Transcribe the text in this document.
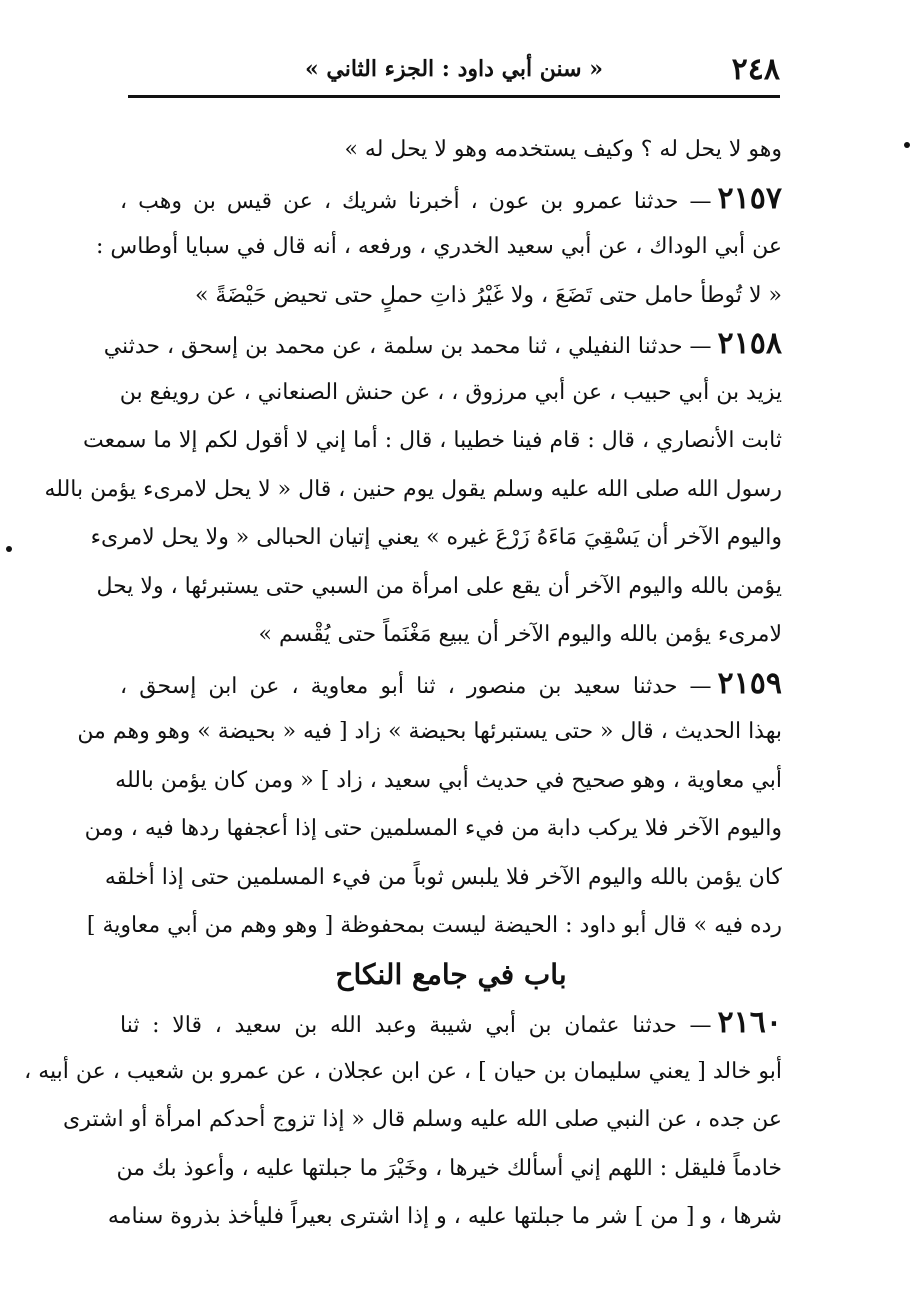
٢٤٨
« سنن أبي داود : الجزء الثاني »
وهو لا يحل له ؟ وكيف يستخدمه وهو لا يحل له »
٢١٥٧— حدثنا عمرو بن عون ، أخبرنا شريك ، عن قيس بن وهب ،
عن أبي الوداك ، عن أبي سعيد الخدري ، ورفعه ، أنه قال في سبايا أوطاس :
« لا تُوطأ حامل حتى تَضَعَ ، ولا غَيْرُ ذاتِ حملٍ حتى تحيض حَيْضَةً »
٢١٥٨— حدثنا النفيلي ، ثنا محمد بن سلمة ، عن محمد بن إسحق ، حدثني
يزيد بن أبي حبيب ، عن أبي مرزوق ، ، عن حنش الصنعاني ، عن رويفع بن
ثابت الأنصاري ، قال : قام فينا خطيبا ، قال : أما إني لا أقول لكم إلا ما سمعت
رسول الله صلى الله عليه وسلم يقول يوم حنين ، قال « لا يحل لامرىء يؤمن بالله
واليوم الآخر أن يَسْقِيَ مَاءَهُ زَرْعَ غيره » يعني إتيان الحبالى « ولا يحل لامرىء
يؤمن بالله واليوم الآخر أن يقع على امرأة من السبي حتى يستبرئها ، ولا يحل
لامرىء يؤمن بالله واليوم الآخر أن يبيع مَغْنَماً حتى يُقْسم »
٢١٥٩— حدثنا سعيد بن منصور ، ثنا أبو معاوية ، عن ابن إسحق ،
بهذا الحديث ، قال « حتى يستبرئها بحيضة » زاد [ فيه « بحيضة » وهو وهم من
أبي معاوية ، وهو صحيح في حديث أبي سعيد ، زاد ] « ومن كان يؤمن بالله
واليوم الآخر فلا يركب دابة من فيء المسلمين حتى إذا أعجفها ردها فيه ، ومن
كان يؤمن بالله واليوم الآخر فلا يلبس ثوباً من فيء المسلمين حتى إذا أخلقه
رده فيه » قال أبو داود : الحيضة ليست بمحفوظة [ وهو وهم من أبي معاوية ]
باب في جامع النكاح
٢١٦٠— حدثنا عثمان بن أبي شيبة وعبد الله بن سعيد ، قالا : ثنا
أبو خالد [ يعني سليمان بن حيان ] ، عن ابن عجلان ، عن عمرو بن شعيب ، عن أبيه ،
عن جده ، عن النبي صلى الله عليه وسلم قال « إذا تزوج أحدكم امرأة أو اشترى
خادماً فليقل : اللهم إني أسألك خيرها ، وخَيْرَ ما جبلتها عليه ، وأعوذ بك من
شرها ، و [ من ] شر ما جبلتها عليه ، و إذا اشترى بعيراً فليأخذ بذروة سنامه
